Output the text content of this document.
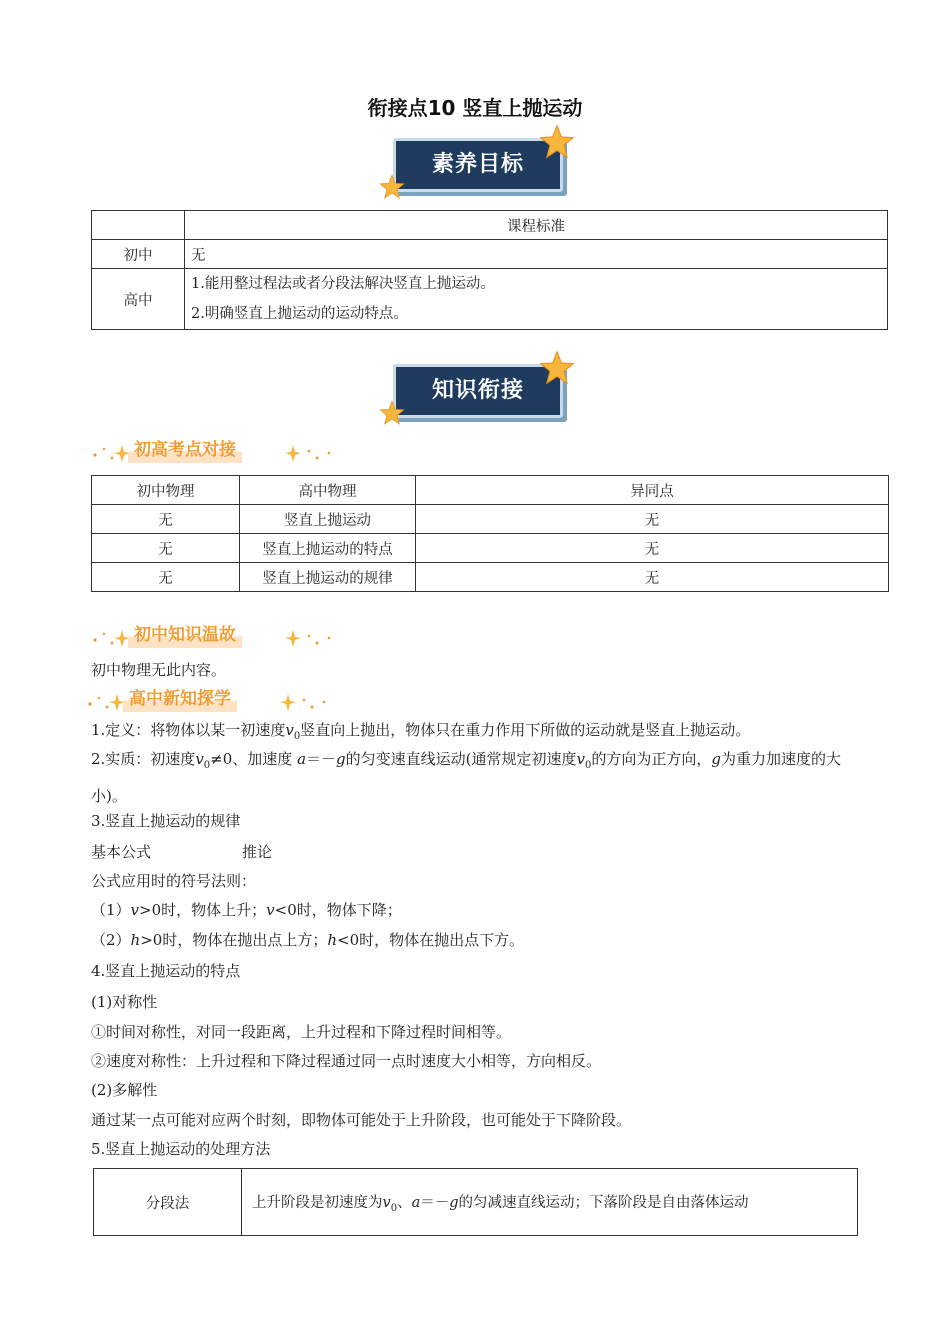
衔接点10 竖直上抛运动
素养目标
	课程标准
初中	无
高中	1.能用整过程法或者分段法解决竖直上抛运动。
2.明确竖直上抛运动的运动特点。
知识衔接
初高考点对接
初中物理	高中物理	异同点
无	竖直上抛运动	无
无	竖直上抛运动的特点	无
无	竖直上抛运动的规律	无
初中知识温故
初中物理无此内容。
高中新知探学
1.定义：将物体以某一初速度$v_0$竖直向上抛出，物体只在重力作用下所做的运动就是竖直上抛运动。
2.实质：初速度$v_0\ne 0$、加速度 a＝－g的匀变速直线运动(通常规定初速度$v_0$的方向为正方向，g为重力加速度的大小)。
3.竖直上抛运动的规律
基本公式	推论
公式应用时的符号法则：
（1）v>0时，物体上升；v<0时，物体下降；
（2）h>0时，物体在抛出点上方；h<0时，物体在抛出点下方。
4.竖直上抛运动的特点
(1)对称性
①时间对称性，对同一段距离，上升过程和下降过程时间相等。
②速度对称性：上升过程和下降过程通过同一点时速度大小相等，方向相反。
(2)多解性
通过某一点可能对应两个时刻，即物体可能处于上升阶段，也可能处于下降阶段。
5.竖直上抛运动的处理方法
分段法	上升阶段是初速度为$v_0$、a＝－g的匀减速直线运动；下落阶段是自由落体运动
